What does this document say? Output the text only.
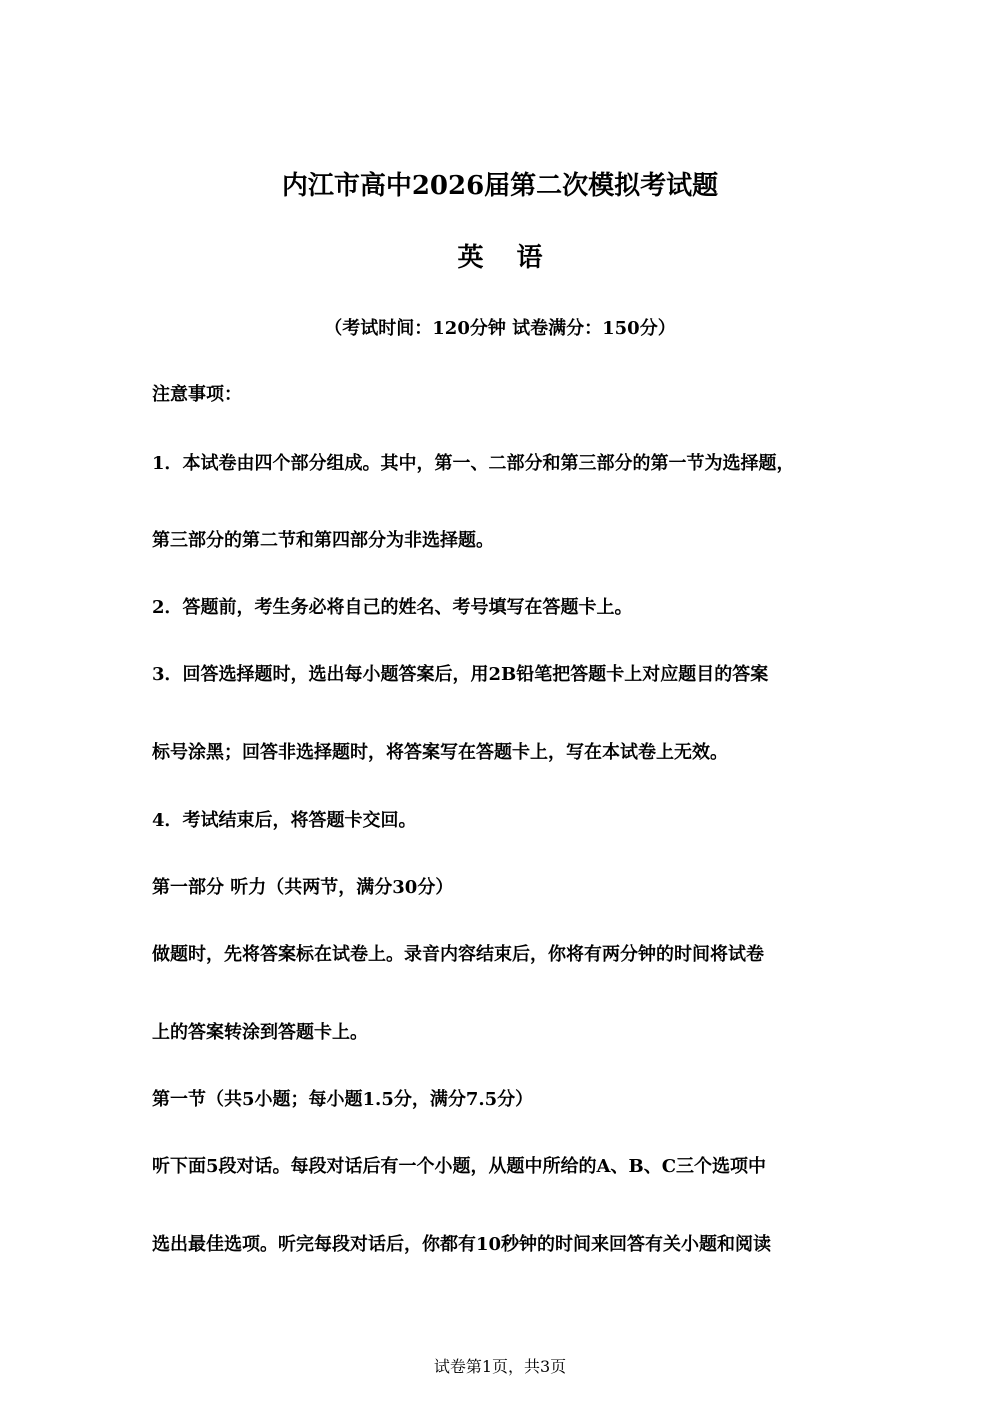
内江市高中2026届第二次模拟考试题
英 语
（考试时间：120分钟 试卷满分：150分）
注意事项：
1．本试卷由四个部分组成。其中，第一、二部分和第三部分的第一节为选择题，
第三部分的第二节和第四部分为非选择题。
2．答题前，考生务必将自己的姓名、考号填写在答题卡上。
3．回答选择题时，选出每小题答案后，用2B铅笔把答题卡上对应题目的答案
标号涂黑；回答非选择题时，将答案写在答题卡上，写在本试卷上无效。
4．考试结束后，将答题卡交回。
第一部分 听力（共两节，满分30分）
做题时，先将答案标在试卷上。录音内容结束后，你将有两分钟的时间将试卷
上的答案转涂到答题卡上。
第一节（共5小题；每小题1.5分，满分7.5分）
听下面5段对话。每段对话后有一个小题，从题中所给的A、B、C三个选项中
选出最佳选项。听完每段对话后，你都有10秒钟的时间来回答有关小题和阅读
试卷第1页，共3页
